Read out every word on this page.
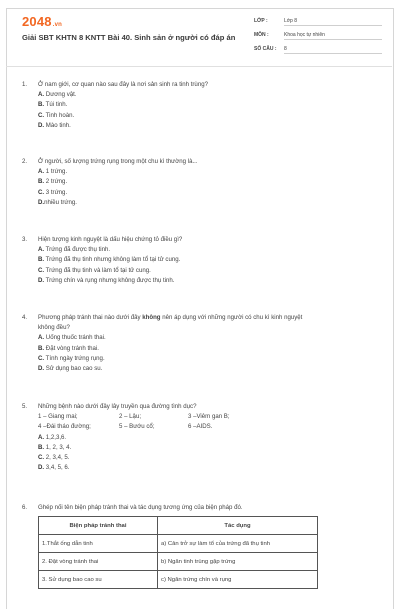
2048.vn
Giải SBT KHTN 8 KNTT Bài 40. Sinh sản ở người có đáp án
LỚP :	Lớp 8
MÔN :	Khoa học tự nhiên
SỐ CÂU : 8
1. Ở nam giới, cơ quan nào sau đây là nơi sản sinh ra tinh trùng?
A. Dương vật.
B. Túi tinh.
C. Tinh hoàn.
D. Mào tinh.
2. Ở người, số lượng trứng rụng trong một chu kì thường là...
A. 1 trứng.
B. 2 trứng.
C. 3 trứng.
D.nhiều trứng.
3. Hiện tượng kinh nguyệt là dấu hiệu chứng tỏ điều gì?
A. Trứng đã được thụ tinh.
B. Trứng đã thụ tinh nhưng không làm tổ tại tử cung.
C. Trứng đã thụ tinh và làm tổ tại tử cung.
D. Trứng chín và rụng nhưng không được thụ tinh.
4. Phương pháp tránh thai nào dưới đây không nên áp dụng với những người có chu kì kinh nguyệt
không đều?
A. Uống thuốc tránh thai.
B. Đặt vòng tránh thai.
C. Tính ngày trứng rụng.
D. Sử dụng bao cao su.
5. Những bệnh nào dưới đây lây truyền qua đường tình dục?
1 – Giang mai;	2 – Lậu;	3 –Viêm gan B;
4 –Đái tháo đường;	5 – Bướu cổ;	6 –AIDS.
A. 1,2,3,6.
B. 1, 2, 3, 4.
C. 2, 3,4, 5.
D. 3,4, 5, 6.
6. Ghép nối tên biện pháp tránh thai và tác dụng tương ứng của biện pháp đó.
Biện pháp tránh thai	Tác dụng
1.Thắt ống dẫn tinh	a) Cản trở sự làm tổ của trứng đã thụ tinh
2. Đặt vòng tránh thai	b) Ngăn tinh trùng gặp trứng
3. Sử dụng bao cao su	c) Ngăn trứng chín và rụng
